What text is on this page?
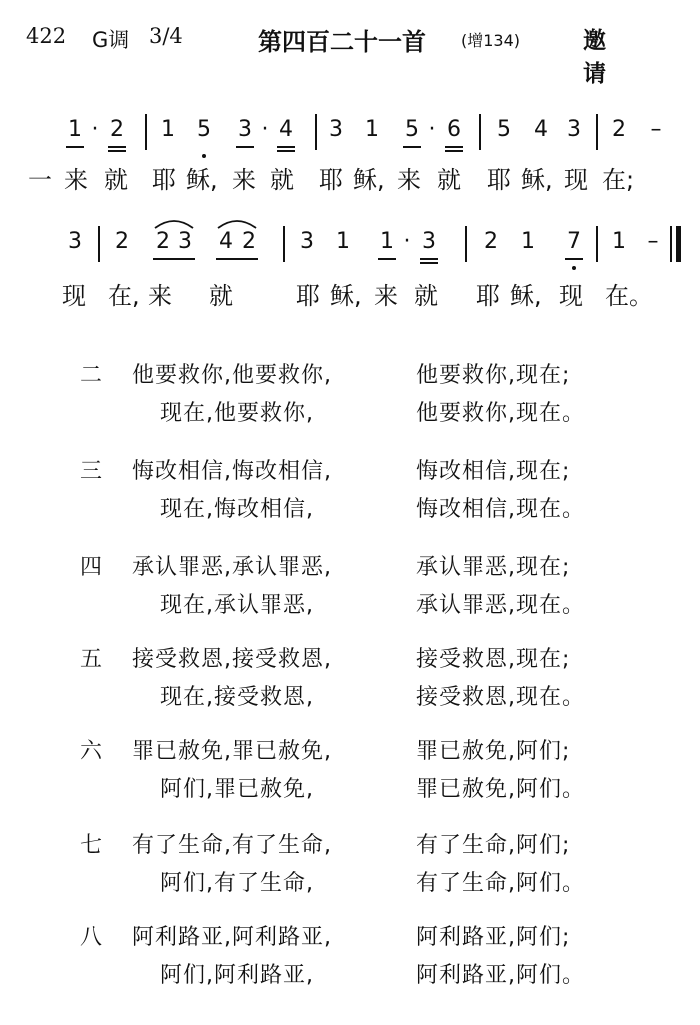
422 G调 3/4	第四百二十一首 (增134)	邀请
1 · 2 1 5 3 · 4 3 1 5 · 6 5 4 3 2 –
一 来 就 耶 稣, 来 就 耶 稣, 来 就 耶 稣, 现 在;
3 2 2 3 4 2 3 1 1 · 3 2 1 7 1 –
现 在, 来 就	耶 稣, 来 就 耶 稣, 现 在。
二 他要救你,他要救你,	他要救你,现在;
现在,他要救你,	他要救你,现在。
三 悔改相信,悔改相信,	悔改相信,现在;
现在,悔改相信,	悔改相信,现在。
四 承认罪恶,承认罪恶,	承认罪恶,现在;
现在,承认罪恶,	承认罪恶,现在。
五 接受救恩,接受救恩,	接受救恩,现在;
现在,接受救恩,	接受救恩,现在。
六 罪已赦免,罪已赦免,	罪已赦免,阿们;
阿们,罪已赦免,	罪已赦免,阿们。
七 有了生命,有了生命,	有了生命,阿们;
阿们,有了生命,	有了生命,阿们。
八 阿利路亚,阿利路亚,	阿利路亚,阿们;
阿们,阿利路亚,	阿利路亚,阿们。
